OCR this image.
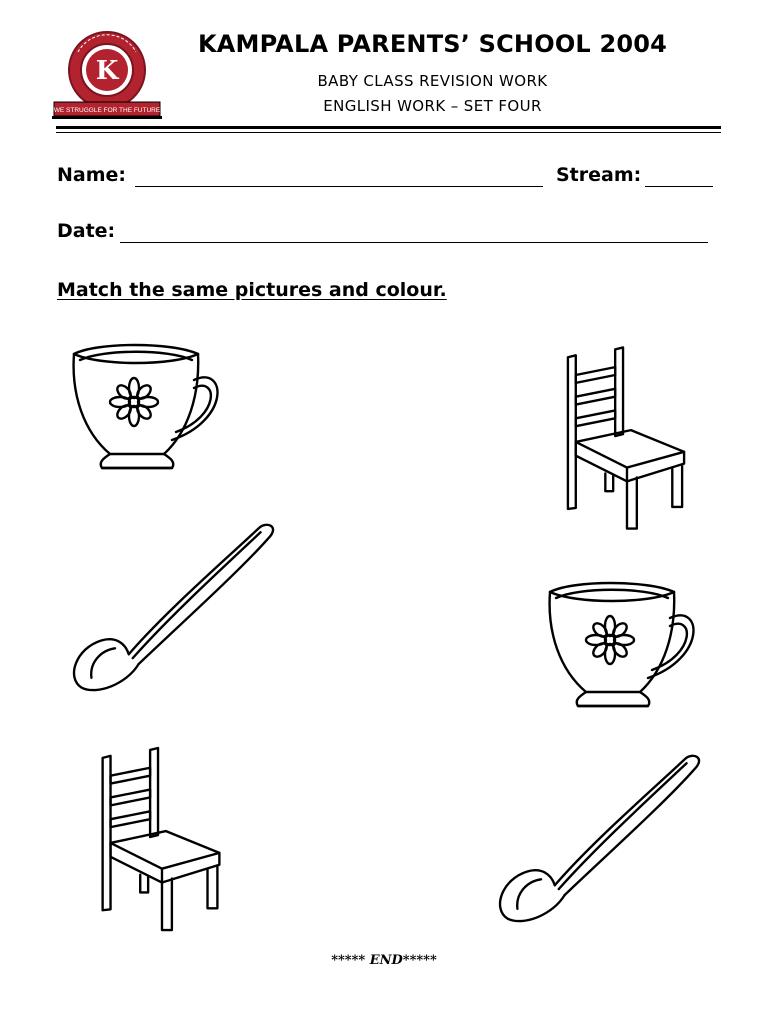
K
WE STRUGGLE FOR THE FUTURE
KAMPALA PARENTS’ SCHOOL 2004
BABY CLASS REVISION WORK
ENGLISH WORK – SET FOUR
Name:	Stream:
Date:
Match the same pictures and colour.
***** END*****
